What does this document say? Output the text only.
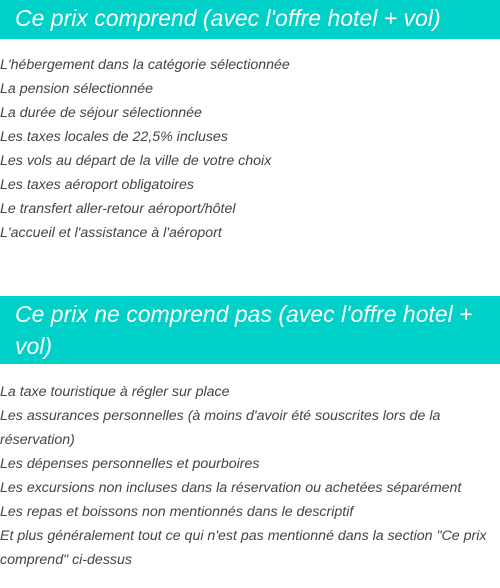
Ce prix comprend (avec l'offre hotel + vol)
L'hébergement dans la catégorie sélectionnée
La pension sélectionnée
La durée de séjour sélectionnée
Les taxes locales de 22,5% incluses
Les vols au départ de la ville de votre choix
Les taxes aéroport obligatoires
Le transfert aller-retour aéroport/hôtel
L'accueil et l'assistance à l'aéroport
Ce prix ne comprend pas (avec l'offre hotel + vol)
La taxe touristique à régler sur place
Les assurances personnelles (à moins d'avoir été souscrites lors de la réservation)
Les dépenses personnelles et pourboires
Les excursions non incluses dans la réservation ou achetées séparément
Les repas et boissons non mentionnés dans le descriptif
Et plus généralement tout ce qui n'est pas mentionné dans la section "Ce prix comprend" ci-dessus
